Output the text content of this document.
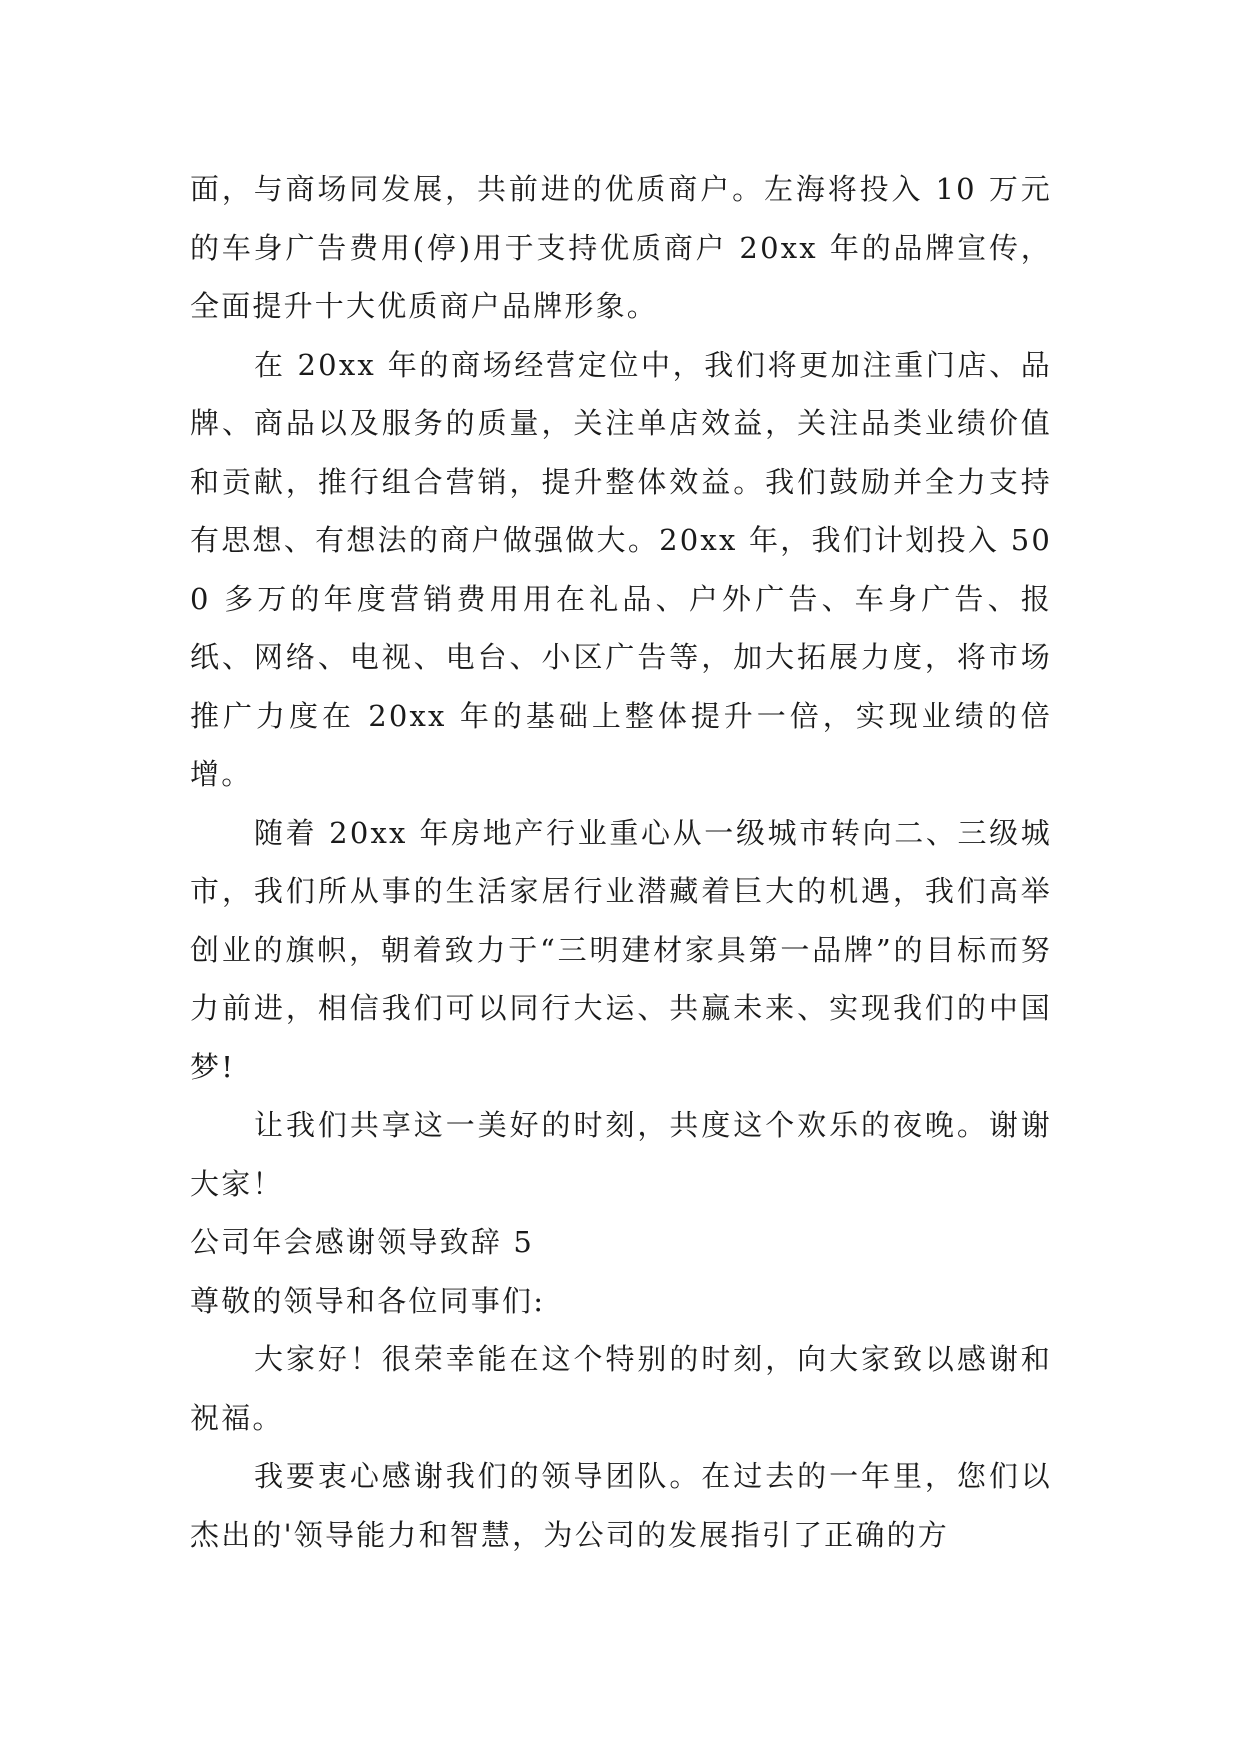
面，与商场同发展，共前进的优质商户。左海将投入 10 万元的车身广告费用(停)用于支持优质商户 20xx 年的品牌宣传，全面提升十大优质商户品牌形象。

在 20xx 年的商场经营定位中，我们将更加注重门店、品牌、商品以及服务的质量，关注单店效益，关注品类业绩价值和贡献，推行组合营销，提升整体效益。我们鼓励并全力支持有思想、有想法的商户做强做大。20xx 年，我们计划投入 500 多万的年度营销费用用在礼品、户外广告、车身广告、报纸、网络、电视、电台、小区广告等，加大拓展力度，将市场推广力度在 20xx 年的基础上整体提升一倍，实现业绩的倍增。

随着 20xx 年房地产行业重心从一级城市转向二、三级城市，我们所从事的生活家居行业潜藏着巨大的机遇，我们高举创业的旗帜，朝着致力于“三明建材家具第一品牌”的目标而努力前进，相信我们可以同行大运、共赢未来、实现我们的中国梦!

让我们共享这一美好的时刻，共度这个欢乐的夜晚。谢谢大家！

公司年会感谢领导致辞 5

尊敬的领导和各位同事们:

大家好！很荣幸能在这个特别的时刻，向大家致以感谢和祝福。

我要衷心感谢我们的领导团队。在过去的一年里，您们以杰出的'领导能力和智慧，为公司的发展指引了正确的方
